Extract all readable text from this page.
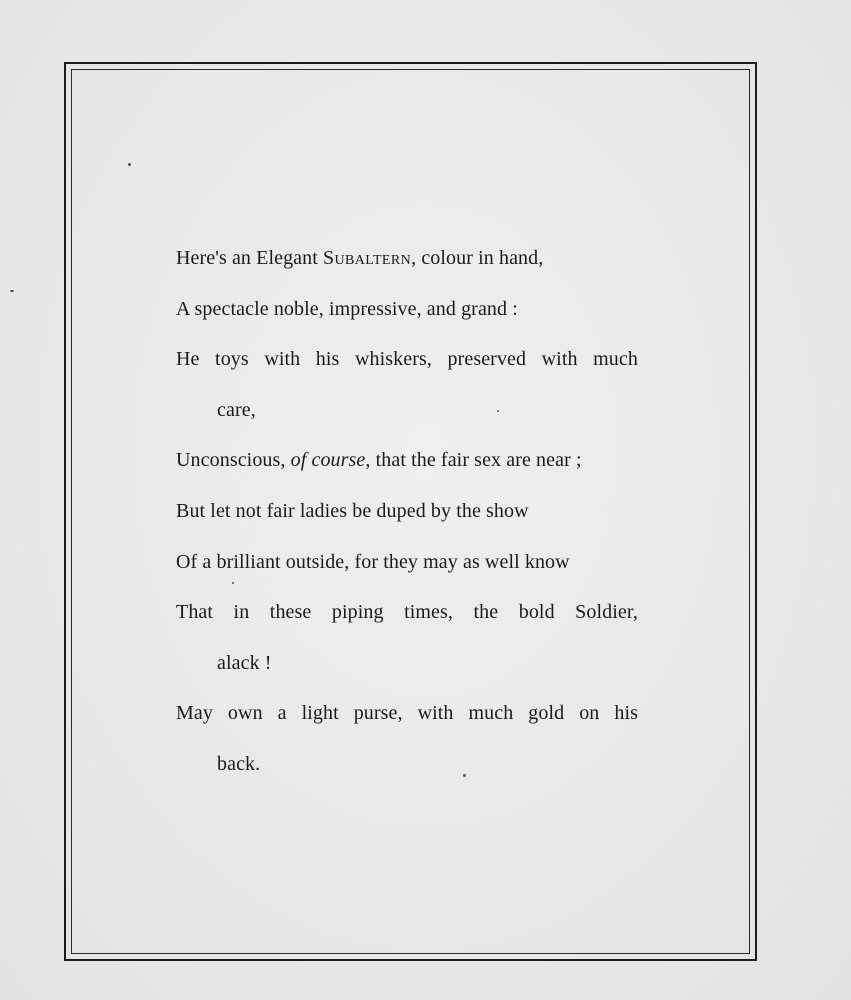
Here's an Elegant Subaltern, colour in hand,
A spectacle noble, impressive, and grand :
He toys with his whiskers, preserved with much
care,
Unconscious, of course, that the fair sex are near ;
But let not fair ladies be duped by the show
Of a brilliant outside, for they may as well know
That in these piping times, the bold Soldier,
alack !
May own a light purse, with much gold on his
back.
